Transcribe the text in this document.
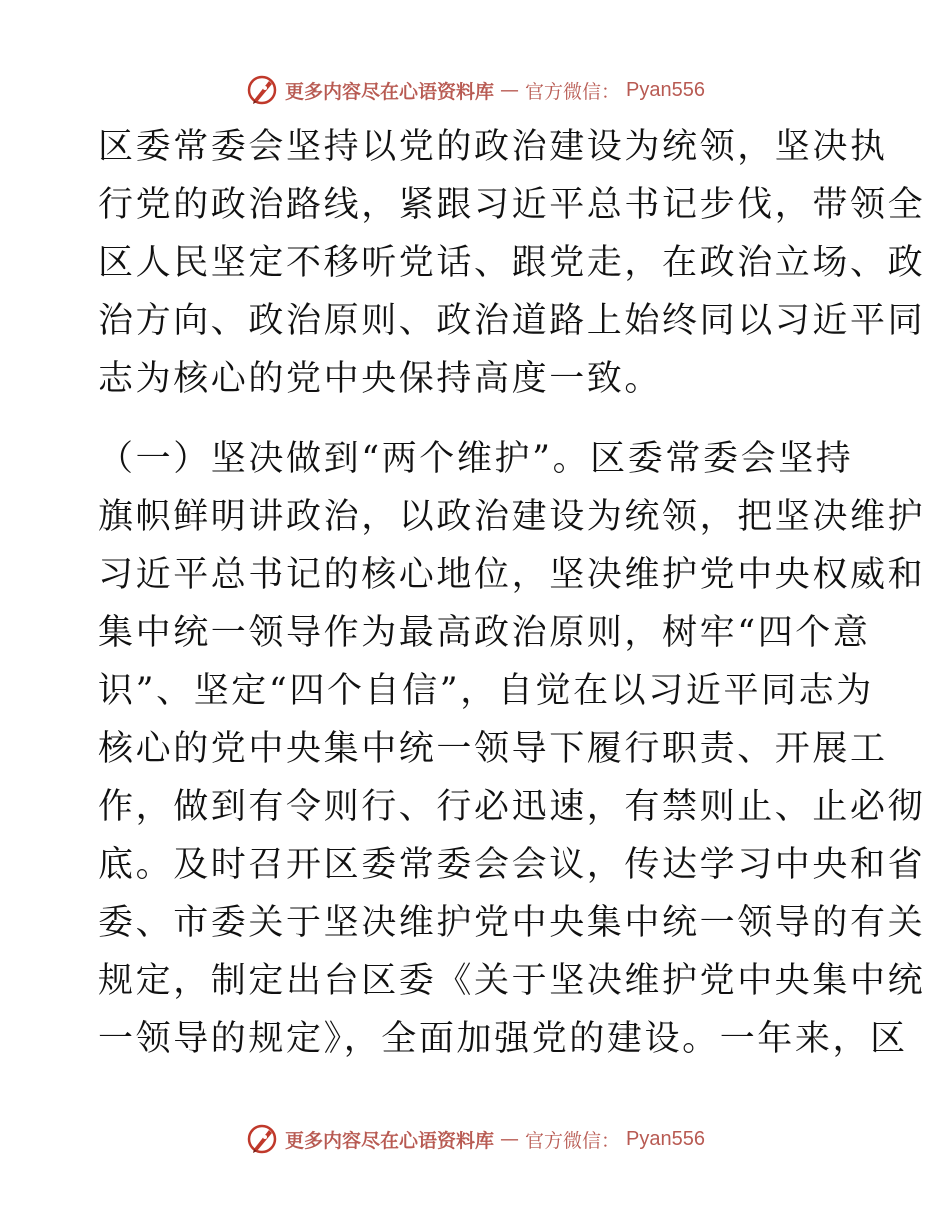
更多内容尽在心语资料库 — 官方微信： Pyan556
区委常委会坚持以党的政治建设为统领，坚决执
行党的政治路线，紧跟习近平总书记步伐，带领全
区人民坚定不移听党话、跟党走，在政治立场、政
治方向、政治原则、政治道路上始终同以习近平同
志为核心的党中央保持高度一致。
（一）坚决做到“两个维护”。区委常委会坚持
旗帜鲜明讲政治，以政治建设为统领，把坚决维护
习近平总书记的核心地位，坚决维护党中央权威和
集中统一领导作为最高政治原则，树牢“四个意
识”、坚定“四个自信”，自觉在以习近平同志为
核心的党中央集中统一领导下履行职责、开展工
作，做到有令则行、行必迅速，有禁则止、止必彻
底。及时召开区委常委会会议，传达学习中央和省
委、市委关于坚决维护党中央集中统一领导的有关
规定，制定出台区委《关于坚决维护党中央集中统
一领导的规定》，全面加强党的建设。一年来，区
更多内容尽在心语资料库 — 官方微信： Pyan556
